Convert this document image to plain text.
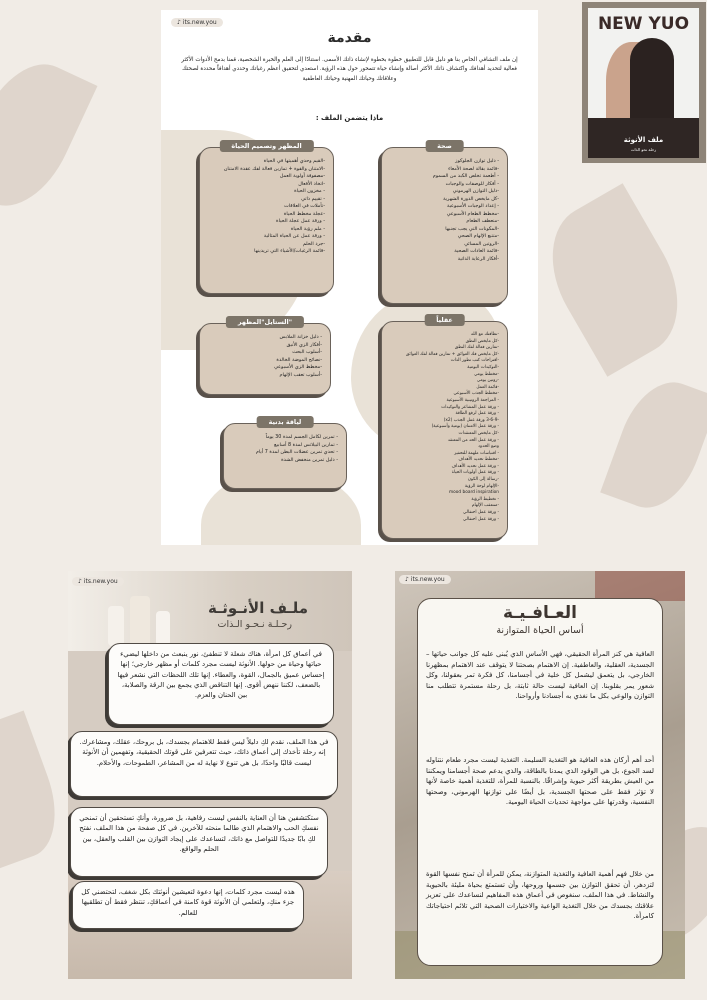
♪ its.new.you
مقدمة
إن ملف التشافي الخاص بنا هو دليل قابل للتطبيق خطوة بخطوة لإنشاء ذاتك الأسمى. استنادًا إلى العلم والخبرة الشخصية، قمنا بدمج الأدوات الأكثر فعالية لتحديد أهدافك واكتشاف ذاتك الأكثر أصالة وإنشاء حياة تتمحور حول هذه الرؤية. استعدي لتحقيق أعظم رغباتك وحددي أهدافاً محددة لصحتك وعلاقاتك وحياتك المهنية وحياتك العاطفية
ماذا يتضمن الملف :
صحة
- دليل توازن الجلوكوز
-قائمة بقالة لصحة الأمعاء
- أطعمة تخلص الكبد من السموم
- أفكار للوصفات والوجبات
-دليل التوازن الهرموني
-كل مايخص الدورة الشهرية
- إعداد الوجبات الأسبوعية
-مخطط الطعام الأسبوعي
-منعطف الطعام
-المكونات التي يجب تجنبها
-متتبع الإلهام الصحي
-الروتين المسائي
-قائمة العادات الصحية
-أفكار الرعاية الذاتية
المظهر وتصميم الحياة
-القيم وحدي أهميتها في الحياة
-الامتنان والقوة + تمارين فعالة لفك عقدة الامتنان
-مصفوفة أولوية العمل
-اتخاذ الأفعال
- مخزون الحياة
- تقييم ذاتي
-تأملات في العلاقات
-عجلة مخطط الحياة
- ورقة عمل عجلة الحياة
- ملم رؤية الحياة
- ورقة عمل عن الحياة المثالية
-جرد الحلم
-قائمة الرغبات/الأشياء التي تريدينها
عقلياً
-نظافتك مع الله
-كل مايخص النطق
-تمارين فعالة لفك النطق
-كل مايخص فك العوائق + تمارين فعالة لفك العوائق
-اقتراحات كتب تطور الذات
-التوكيدات اليومية
-مخطط يومي
-روتين يومي
-قائمة العمل
-مخطط الجذب الأسبوعي
- المراجعة الروتينية الأسبوعية
- ورقة عمل المشاعر والتوكيدات
- ورقة عمل لرفع الطاقة
-3-6-9 ورقة عمل الجذب (x2)
- ورقة عمل الامتنان (يومية وأسبوعية)
-كل مايخص المعتقدات
- ورقة عمل الحد من المعتقد
وضع الحدود
- اقتباسات ملهمة للتحفيز
-مخطط تحديد الأهداف
- ورقة عمل تحديد الأهداف
- ورقة عمل أولويات الحياة
-رسالة إلى الكون
-الإلهام لوحة الرؤية
mood board inspiration
- تخطيط الرؤية
-منتعقب الإلهام
- ورقة عمل احتفالي
- ورقة عمل احتفالي
الستايل"المظهر"
- دليل خزانة الملابس
-أفكار الزي الأنيق
-أسلوب البحث
-نصائح الموضة الخالدة
-مخطط الزي الأسبوعي
-أسلوب تعقب الإلهام
لياقة بدنية
- تمرين لكامل الجسم لمدة 30 يوماً
- تمارين البيلاتس لمدة 8 أسابيع
- تحدي تمرين عضلات البطن لمدة 7 أيام
- دليل تمرين منخفض الشدة
NEW YUO
ملف الأنوثة
رحلة نحو الذات
♪ its.new.you
ملـف الأنـوثـة
رحـلـة نـحـو الـذات
في أعماق كل امرأة، هناك شعلة لا تنطفئ، نور ينبعث من داخلها ليضيء حياتها وحياة من حولها. الأنوثة ليست مجرد كلمات أو مظهر خارجي؛ إنها إحساس عميق بالجمال، القوة، والعطاء. إنها تلك اللحظات التي نشعر فيها بالضعف، لكننا ننهض أقوى. إنها التناقض الذي يجمع بين الرقة والصلابة، بين الحنان والعزم.
في هذا الملف، نقدم لكِ دليلاً ليس فقط للاهتمام بجسدك، بل بروحك، عقلك، ومشاعرك. إنه رحلة تأخذك إلى أعماق ذاتك، حيث تتعرفين على قوتك الحقيقية، وتفهمين أن الأنوثة ليست قالبًا واحدًا، بل هي تنوع لا نهاية له من المشاعر، الطموحات، والأحلام.
ستكتشفين هنا أن العناية بالنفس ليست رفاهية، بل ضرورة، وأنكِ تستحقين أن تمنحي نفسكِ الحب والاهتمام الذي طالما منحته للآخرين. في كل صفحة من هذا الملف، نفتح لكِ بابًا جديدًا للتواصل مع ذاتك، لتساعدك على إيجاد التوازن بين القلب والعقل، بين الحلم والواقع.
هذه ليست مجرد كلمات، إنها دعوة لتعيشين أنوثتك بكل شغف، لتحتضني كل جزء منكِ، ولتعلمي أن الأنوثة قوة كامنة في أعماقكِ، تنتظر فقط أن تطلقيها للعالم.
♪ its.new.you
العـافـيـة
أساس الحياة المتوازنة
العافية هي كنز المرأة الحقيقي، فهي الأساس الذي يُبنى عليه كل جوانب حياتها – الجسدية، العقلية، والعاطفية. إن الاهتمام بصحتنا لا يتوقف عند الاهتمام بمظهرنا الخارجي، بل يتعمق ليشمل كل خلية في أجسامنا، كل فكرة تمر بعقولنا، وكل شعور يمر بقلوبنا. إن العافية ليست حالة ثابتة، بل رحلة مستمرة تتطلب منا التوازن والوعي بكل ما نغذي به أجسادنا وأرواحنا.
أحد أهم أركان هذه العافية هو التغذية السليمة. التغذية ليست مجرد طعام نتناوله لسد الجوع، بل هي الوقود الذي يمدنا بالطاقة، والذي يدعم صحة أجسامنا ويمكننا من العيش بطريقة أكثر حيوية وإشراقًا. بالنسبة للمرأة، للتغذية أهمية خاصة لأنها لا تؤثر فقط على صحتها الجسدية، بل أيضًا على توازنها الهرموني، وصحتها النفسية، وقدرتها على مواجهة تحديات الحياة اليومية.
من خلال فهم أهمية العافية والتغذية المتوازنة، يمكن للمرأة أن تمنح نفسها القوة لتزدهر، أن تحقق التوازن بين جسمها وروحها، وأن تستمتع بحياة مليئة بالحيوية والنشاط. في هذا الملف، سنغوص في أعماق هذه المفاهيم لنساعدك على تعزيز علاقتك بجسدك من خلال التغذية الواعية والاختيارات الصحية التي تلائم احتياجاتك كامرأة.
